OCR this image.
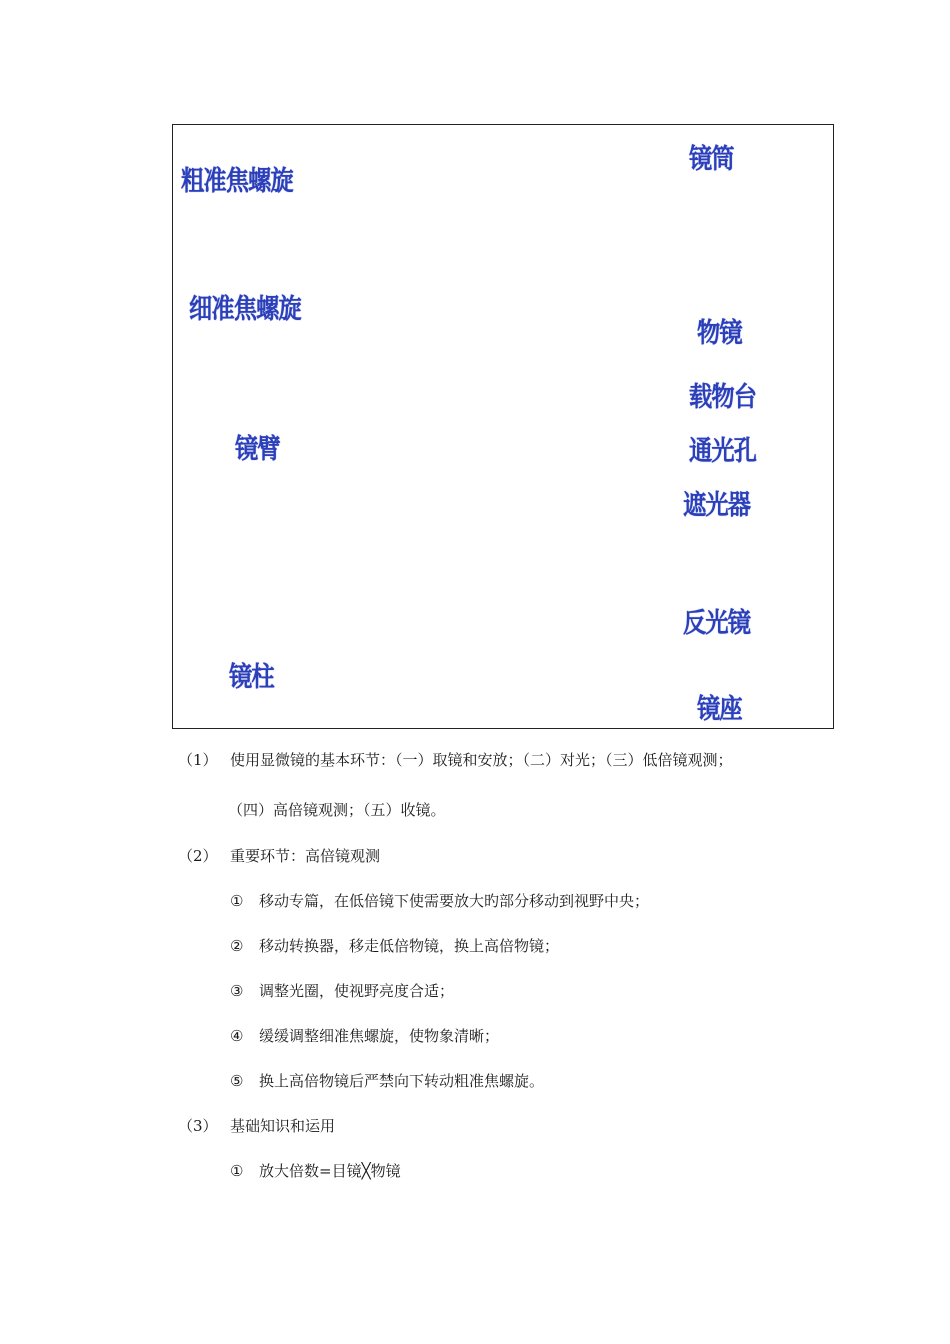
粗准焦螺旋
细准焦螺旋
镜臂
镜柱
镜筒
物镜
载物台
通光孔
遮光器
反光镜
镜座
（1） 使用显微镜的基本环节：（一）取镜和安放；（二）对光；（三）低倍镜观测；
（四）高倍镜观测；（五）收镜。
（2） 重要环节：高倍镜观测
① 移动专篇，在低倍镜下使需要放大旳部分移动到视野中央；
② 移动转换器，移走低倍物镜，换上高倍物镜；
③ 调整光圈，使视野亮度合适；
④ 缓缓调整细准焦螺旋，使物象清晰；
⑤ 换上高倍物镜后严禁向下转动粗准焦螺旋。
（3） 基础知识和运用
① 放大倍数=目镜╳物镜
